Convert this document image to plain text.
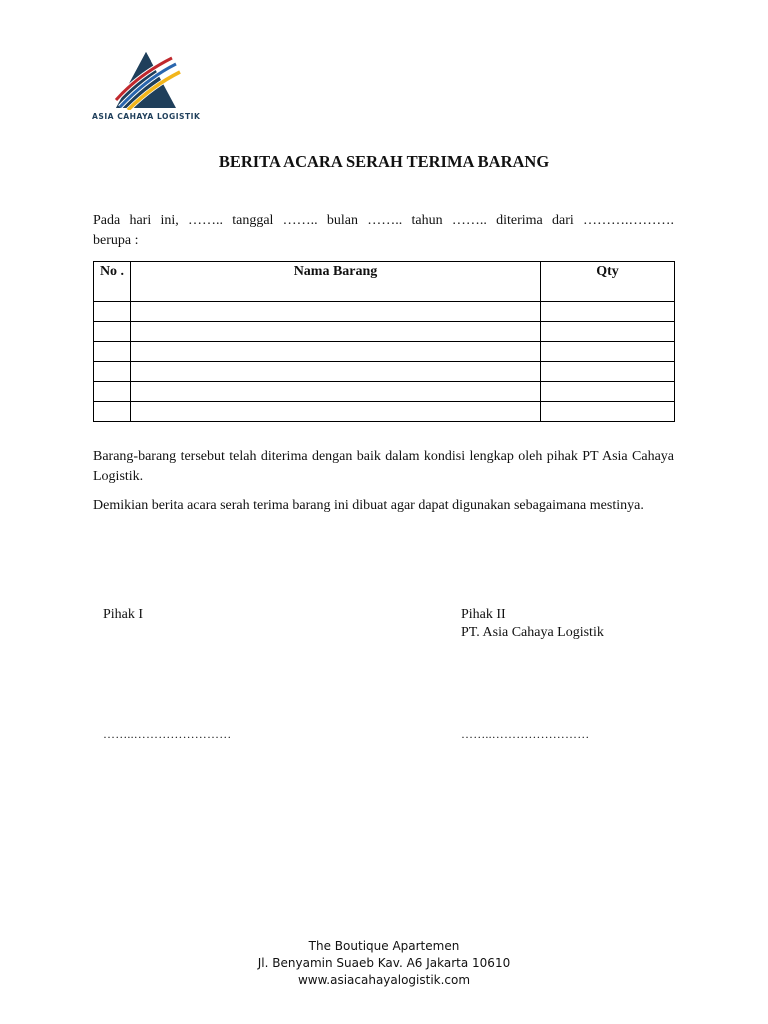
ASIA CAHAYA LOGISTIK
BERITA ACARA SERAH TERIMA BARANG
Pada hari ini, …….. tanggal …….. bulan …….. tahun …….. diterima dari ……….……….
berupa :
No .	Nama Barang	Qty

Barang-barang tersebut telah diterima dengan baik dalam kondisi lengkap oleh pihak PT Asia Cahaya Logistik.
Demikian berita acara serah terima barang ini dibuat agar dapat digunakan sebagaimana mestinya.
Pihak I	Pihak II
PT. Asia Cahaya Logistik
……..……………………	……..……………………
The Boutique Apartemen
Jl. Benyamin Suaeb Kav. A6 Jakarta 10610
www.asiacahayalogistik.com
